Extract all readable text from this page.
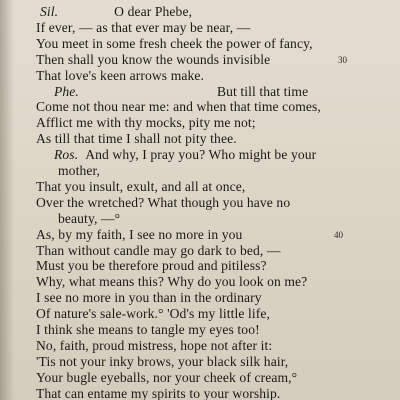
Sil.	O dear Phebe,
If ever, — as that ever may be near, —
You meet in some fresh cheek the power of fancy,
Then shall you know the wounds invisible	30
That love's keen arrows make.
Phe.	But till that time
Come not thou near me: and when that time comes,
Afflict me with thy mocks, pity me not;
As till that time I shall not pity thee.
Ros. And why, I pray you? Who might be your
mother,
That you insult, exult, and all at once,
Over the wretched? What though you have no
beauty, —°
As, by my faith, I see no more in you
Than without candle may go dark to bed, —
Must you be therefore proud and pitiless?
40
Why, what means this? Why do you look on me?
I see no more in you than in the ordinary
Of nature's sale-work.° 'Od's my little life,
I think she means to tangle my eyes too!
No, faith, proud mistress, hope not after it:
'Tis not your inky brows, your black silk hair,
Your bugle eyeballs, nor your cheek of cream,°
That can entame my spirits to your worship.
